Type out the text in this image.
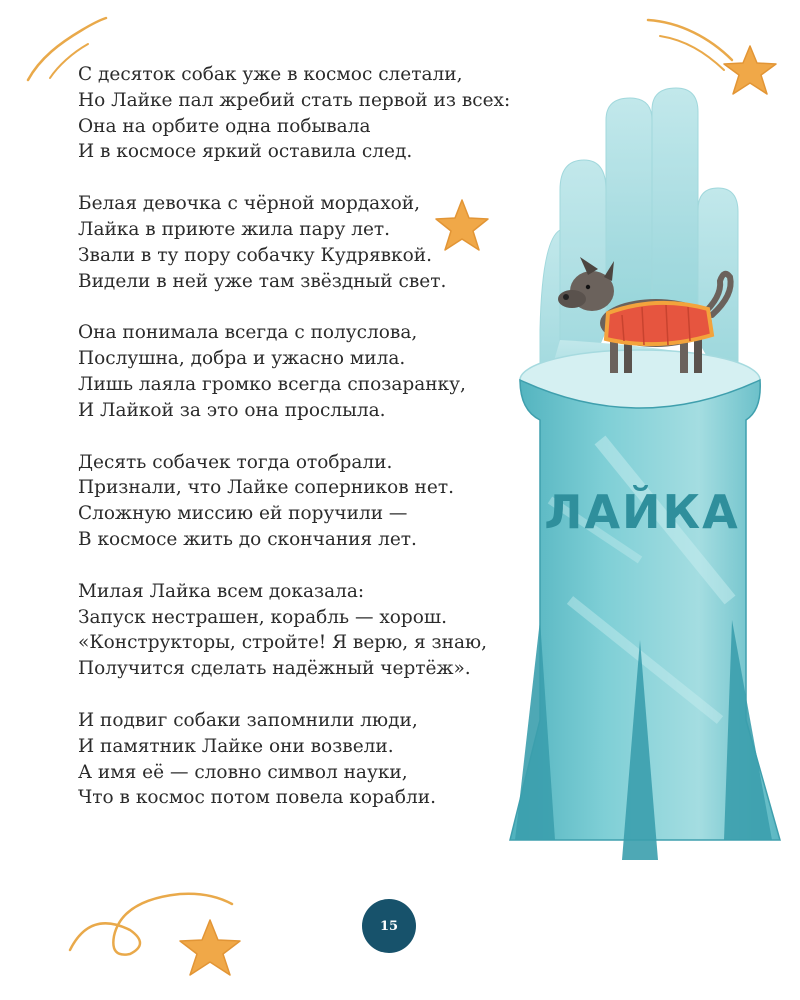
С десяток собак уже в космос слетали,
Но Лайке пал жребий стать первой из всех:
Она на орбите одна побывала
И в космосе яркий оставила след.
Белая девочка с чёрной мордахой,
Лайка в приюте жила пару лет.
Звали в ту пору собачку Кудрявкой.
Видели в ней уже там звёздный свет.
Она понимала всегда с полуслова,
Послушна, добра и ужасно мила.
Лишь лаяла громко всегда спозаранку,
И Лайкой за это она прослыла.
Десять собачек тогда отобрали.
Признали, что Лайке соперников нет.
Сложную миссию ей поручили —
В космосе жить до скончания лет.
Милая Лайка всем доказала:
Запуск нестрашен, корабль — хорош.
«Конструкторы, стройте! Я верю, я знаю,
Получится сделать надёжный чертёж».
И подвиг собаки запомнили люди,
И памятник Лайке они возвели.
А имя её — словно символ науки,
Что в космос потом повела корабли.
ЛАЙКА
15
